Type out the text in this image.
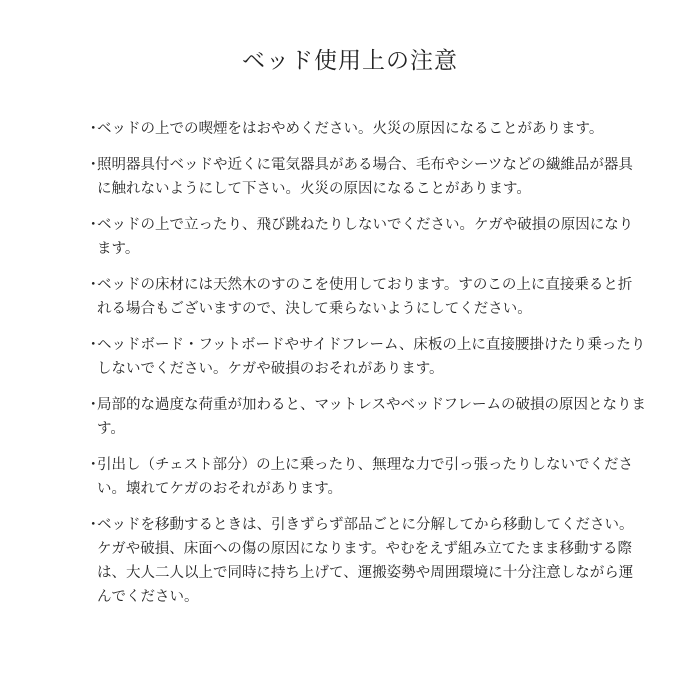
ベッド使用上の注意
・
ベッドの上での喫煙をはおやめください。火災の原因になることがあります。
・
照明器具付ベッドや近くに電気器具がある場合、毛布やシーツなどの繊維品が器具に触れないようにして下さい。火災の原因になることがあります。
・
ベッドの上で立ったり、飛び跳ねたりしないでください。ケガや破損の原因になります。
・
ベッドの床材には天然木のすのこを使用しております。すのこの上に直接乗ると折れる場合もございますので、決して乗らないようにしてください。
・
ヘッドボード・フットボードやサイドフレーム、床板の上に直接腰掛けたり乗ったりしないでください。ケガや破損のおそれがあります。
・
局部的な過度な荷重が加わると、マットレスやベッドフレームの破損の原因となります。
・
引出し（チェスト部分）の上に乗ったり、無理な力で引っ張ったりしないでください。壊れてケガのおそれがあります。
・
ベッドを移動するときは、引きずらず部品ごとに分解してから移動してください。ケガや破損、床面への傷の原因になります。やむをえず組み立てたまま移動する際は、大人二人以上で同時に持ち上げて、運搬姿勢や周囲環境に十分注意しながら運んでください。
